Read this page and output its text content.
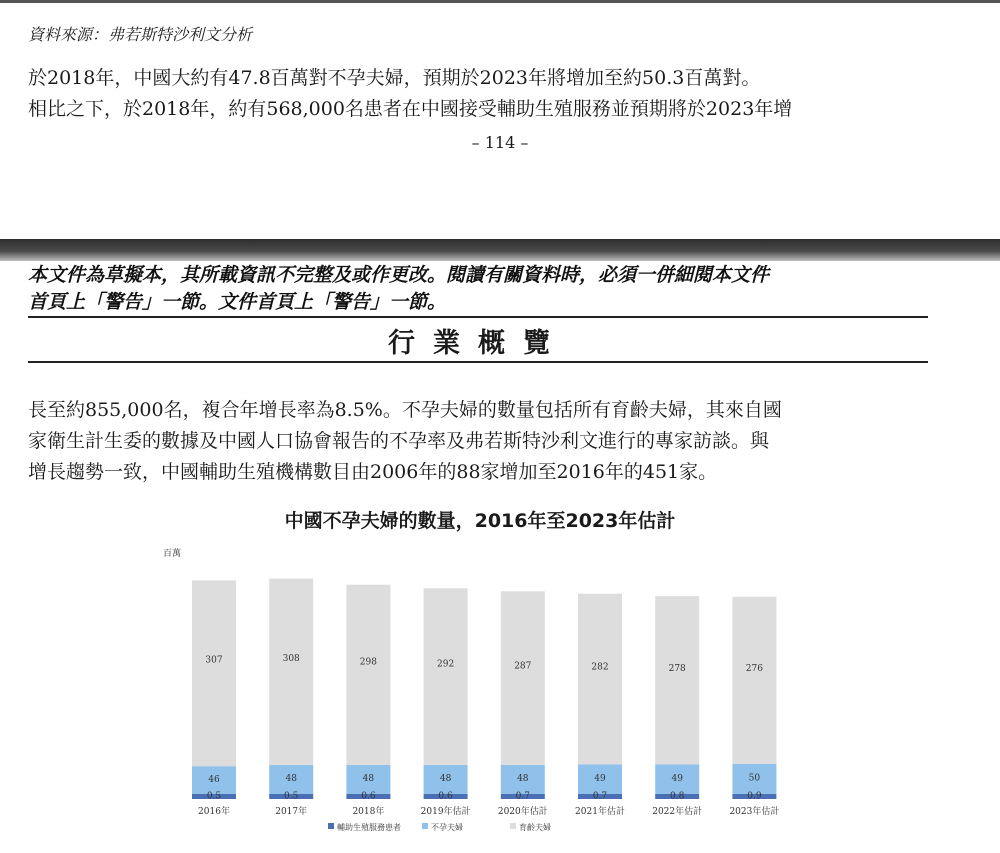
資料來源：弗若斯特沙利文分析

於2018年，中國大約有47.8百萬對不孕夫婦，預期於2023年將增加至約50.3百萬對。

相比之下，於2018年，約有568,000名患者在中國接受輔助生殖服務並預期將於2023年增

– 114 –

本文件為草擬本，其所載資訊不完整及或作更改。閱讀有關資料時，必須一併細閱本文件

首頁上「警告」一節。文件首頁上「警告」一節。

行業概覽

長至約855,000名，複合年增長率為8.5%。不孕夫婦的數量包括所有育齡夫婦，其來自國

家衛生計生委的數據及中國人口協會報告的不孕率及弗若斯特沙利文進行的專家訪談。與

增長趨勢一致，中國輔助生殖機構數目由2006年的88家增加至2016年的451家。

中國不孕夫婦的數量，2016年至2023年估計
百萬
0.5
46
307
0.5
48
308
0.6
48
298
0.6
48
292
0.7
48
287
0.7
49
282
0.8
49
278
0.9
50
276
2016年	2017年	2018年	2019年估計	2020年估計	2021年估計	2022年估計	2023年估計
輔助生殖服務患者	不孕夫婦	育齡夫婦
